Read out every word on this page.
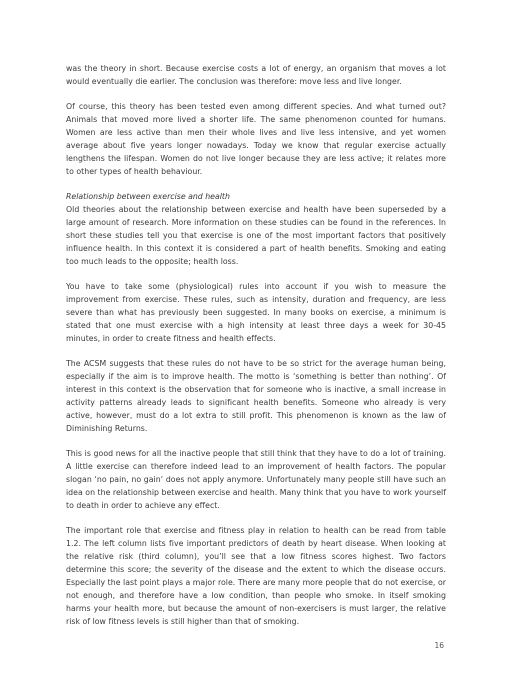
was the theory in short. Because exercise costs a lot of energy, an organism that moves a lot would eventually die earlier. The conclusion was therefore: move less and live longer.

Of course, this theory has been tested even among different species. And what turned out? Animals that moved more lived a shorter life. The same phenomenon counted for humans. Women are less active than men their whole lives and live less intensive, and yet women average about five years longer nowadays. Today we know that regular exercise actually lengthens the lifespan. Women do not live longer because they are less active; it relates more to other types of health behaviour.

Relationship between exercise and health

Old theories about the relationship between exercise and health have been superseded by a large amount of research. More information on these studies can be found in the references. In short these studies tell you that exercise is one of the most important factors that positively influence health. In this context it is considered a part of health benefits. Smoking and eating too much leads to the opposite; health loss.

You have to take some (physiological) rules into account if you wish to measure the improvement from exercise. These rules, such as intensity, duration and frequency, are less severe than what has previously been suggested. In many books on exercise, a minimum is stated that one must exercise with a high intensity at least three days a week for 30-45 minutes, in order to create fitness and health effects.

The ACSM suggests that these rules do not have to be so strict for the average human being, especially if the aim is to improve health. The motto is ‘something is better than nothing’. Of interest in this context is the observation that for someone who is inactive, a small increase in activity patterns already leads to significant health benefits. Someone who already is very active, however, must do a lot extra to still profit. This phenomenon is known as the law of Diminishing Returns.

This is good news for all the inactive people that still think that they have to do a lot of training. A little exercise can therefore indeed lead to an improvement of health factors. The popular slogan ‘no pain, no gain’ does not apply anymore. Unfortunately many people still have such an idea on the relationship between exercise and health. Many think that you have to work yourself to death in order to achieve any effect.

The important role that exercise and fitness play in relation to health can be read from table 1.2. The left column lists five important predictors of death by heart disease. When looking at the relative risk (third column), you’ll see that a low fitness scores highest. Two factors determine this score; the severity of the disease and the extent to which the disease occurs. Especially the last point plays a major role. There are many more people that do not exercise, or not enough, and therefore have a low condition, than people who smoke. In itself smoking harms your health more, but because the amount of non-exercisers is must larger, the relative risk of low fitness levels is still higher than that of smoking.

16
